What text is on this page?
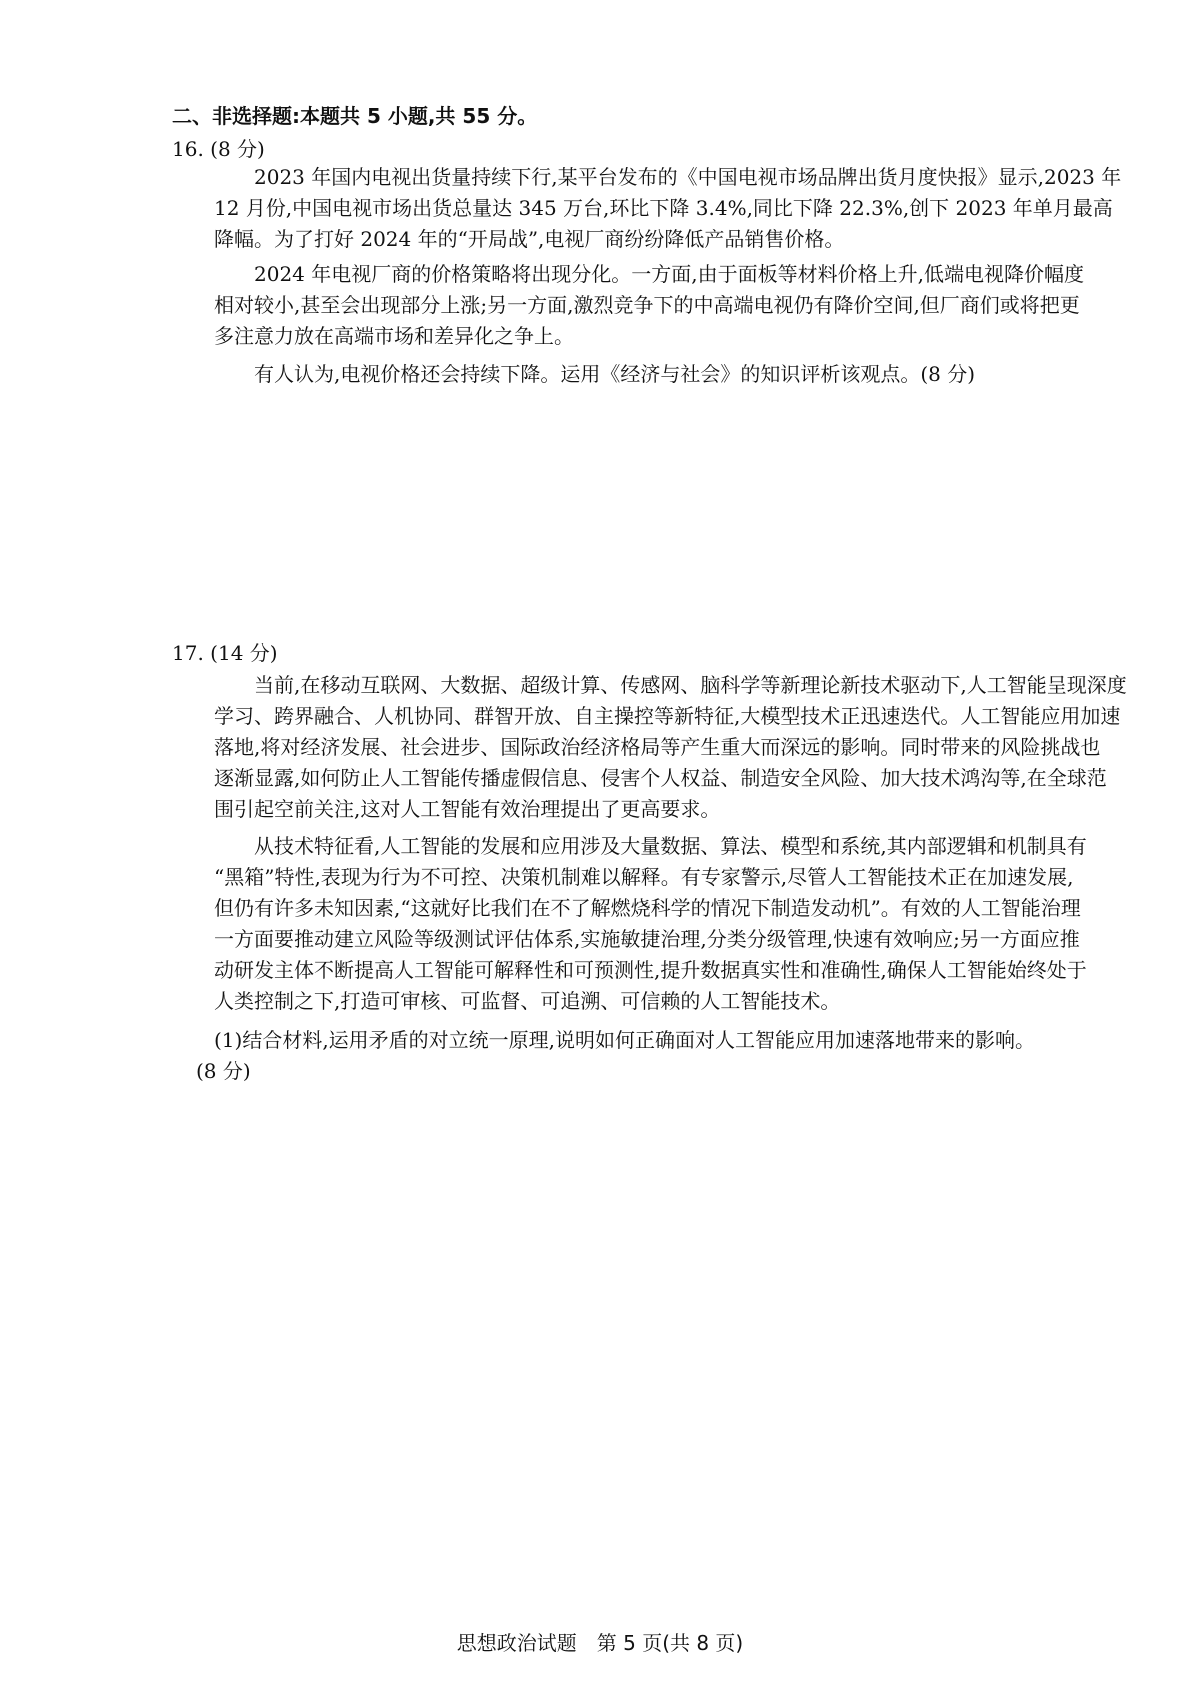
二、非选择题:本题共 5 小题,共 55 分。
16. (8 分)
2023 年国内电视出货量持续下行,某平台发布的《中国电视市场品牌出货月度快报》显示,2023 年
12 月份,中国电视市场出货总量达 345 万台,环比下降 3.4%,同比下降 22.3%,创下 2023 年单月最高
降幅。为了打好 2024 年的“开局战”,电视厂商纷纷降低产品销售价格。
2024 年电视厂商的价格策略将出现分化。一方面,由于面板等材料价格上升,低端电视降价幅度
相对较小,甚至会出现部分上涨;另一方面,激烈竞争下的中高端电视仍有降价空间,但厂商们或将把更
多注意力放在高端市场和差异化之争上。
有人认为,电视价格还会持续下降。运用《经济与社会》的知识评析该观点。(8 分)
17. (14 分)
当前,在移动互联网、大数据、超级计算、传感网、脑科学等新理论新技术驱动下,人工智能呈现深度
学习、跨界融合、人机协同、群智开放、自主操控等新特征,大模型技术正迅速迭代。人工智能应用加速
落地,将对经济发展、社会进步、国际政治经济格局等产生重大而深远的影响。同时带来的风险挑战也
逐渐显露,如何防止人工智能传播虚假信息、侵害个人权益、制造安全风险、加大技术鸿沟等,在全球范
围引起空前关注,这对人工智能有效治理提出了更高要求。
从技术特征看,人工智能的发展和应用涉及大量数据、算法、模型和系统,其内部逻辑和机制具有
“黑箱”特性,表现为行为不可控、决策机制难以解释。有专家警示,尽管人工智能技术正在加速发展,
但仍有许多未知因素,“这就好比我们在不了解燃烧科学的情况下制造发动机”。有效的人工智能治理
一方面要推动建立风险等级测试评估体系,实施敏捷治理,分类分级管理,快速有效响应;另一方面应推
动研发主体不断提高人工智能可解释性和可预测性,提升数据真实性和准确性,确保人工智能始终处于
人类控制之下,打造可审核、可监督、可追溯、可信赖的人工智能技术。
(1)结合材料,运用矛盾的对立统一原理,说明如何正确面对人工智能应用加速落地带来的影响。
(8 分)
思想政治试题　第 5 页(共 8 页)
